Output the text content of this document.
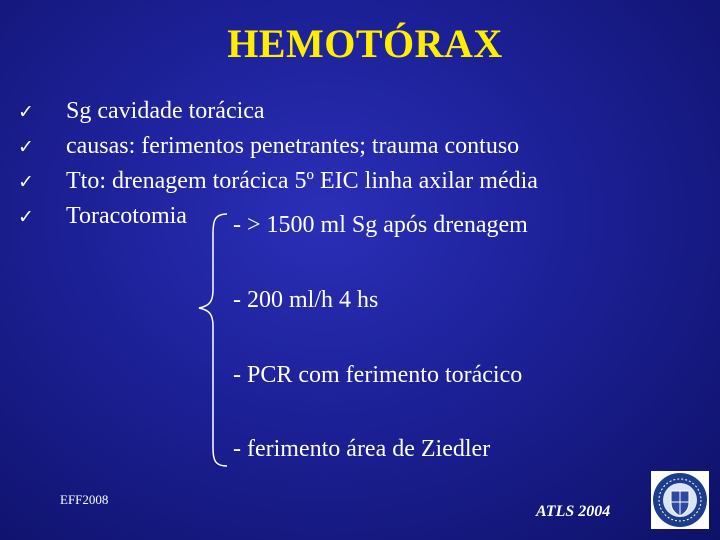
HEMOTÓRAX
✓	Sg cavidade torácica
✓	causas: ferimentos penetrantes; trauma contuso
✓	Tto: drenagem torácica 5º EIC linha axilar média
✓	Toracotomia - > 1500 ml Sg após drenagem
- 200 ml/h 4 hs
- PCR com ferimento torácico
- ferimento área de Ziedler
EFF2008
ATLS 2004
